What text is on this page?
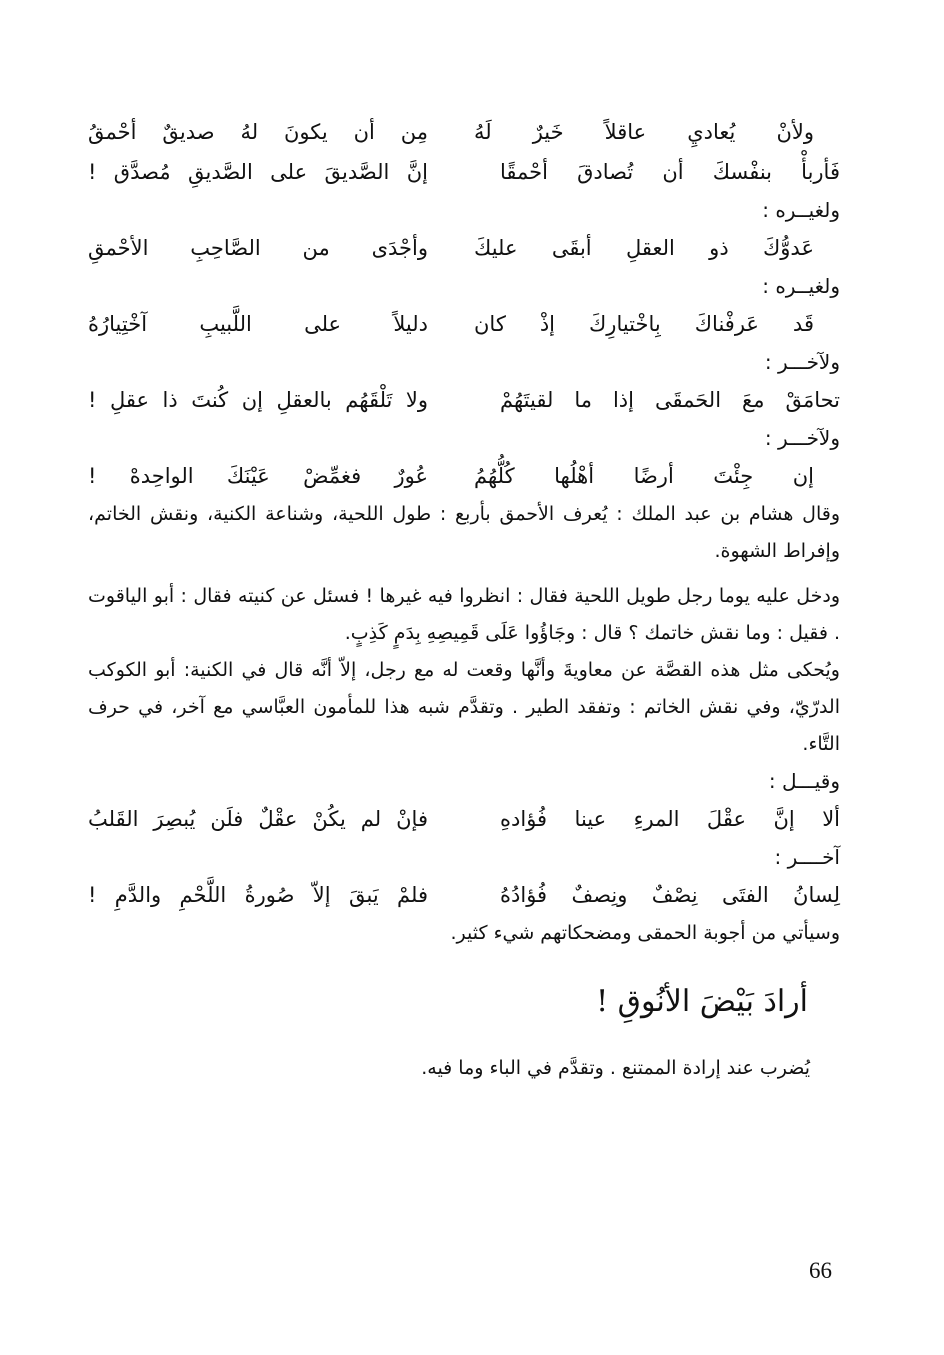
ولأنْ يُعاديِ عاقلاً خَيرٌ لَهُ
مِن أن يكونَ لهُ صديقٌ أحْمقُ
فَأربأْ بنفْسكَ أن تُصادقَ أحْمقًا
إنَّ الصَّديقَ على الصَّديقِ مُصدَّق !
ولغيــره :
عَدوُّكَ ذو العقلِ أبقَى عليكَ
وأجْدَى من الصَّاحِبِ الأحْمقِ
ولغيــره :
قَد عَرفْناكَ بِاخْتيارِكَ إذْ كان
دليلاً على اللَّبيبِ آخْتِيارُهُ
ولآخـــر :
تحامَقْ معَ الحَمقَى إذا ما لقيتَهُمْ
ولا تَلْقَهُم بالعقلِ إن كُنتَ ذا عقلِ !
ولآخـــر :
إن جِئْتَ أرضًا أهْلُها كُلُّهُمُ
عُورٌ فغمِّضْ عَيْنَكَ الواحِدهْ !

وقال هشام بن عبد الملك : يُعرف الأحمق بأربع : طول اللحية، وشناعة الكنية، ونقش الخاتم، وإفراط الشهوة.

ودخل عليه يوما رجل طويل اللحية فقال : انظروا فيه غيرها ! فسئل عن كنيته فقال : أبو الياقوت . فقيل : وما نقش خاتمك ؟ قال : وجَاؤُوا عَلَى قَمِيصِهِ بِدَمٍ كَذِبٍ.

ويُحكى مثل هذه القصَّة عن معاويةَ وأنَّها وقعت له مع رجل، إلاّ أنَّه قال في الكنية: أبو الكوكب الدرّيّ، وفي نقش الخاتم : وتفقد الطير . وتقدَّم شبه هذا للمأمون العبَّاسي مع آخر، في حرف التَّاء.

وقيـــل :
ألا إنَّ عقْلَ المرءِ عينا فُؤادهِ
فإنْ لم يكُنْ عقْلٌ فلَن يُبصِرَ القَلبُ
آخــــر :
لِسانُ الفتَى نِصْفٌ ونِصفٌ فُؤادُهُ
فلمْ يَبقَ إلاّ صُورةُ اللَّحْمِ والدَّمِ !

وسيأتي من أجوبة الحمقى ومضحكاتهم شيء كثير.

أرادَ بَيْضَ الأنُوقِ !
يُضرب عند إرادة الممتنع . وتقدَّم في الباء وما فيه.
66
